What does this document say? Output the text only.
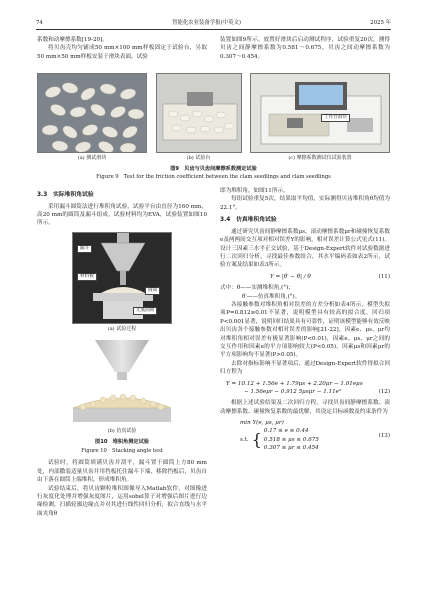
74	智能化农业装备学报(中英文)	2025 年

系数和动摩擦系数[19-20]。

将贝齿壳均匀铺成50 mm×100 mm样板固定于试验台，另取50 mm×50 mm样板安装于滑块表面，试验

装置如图9所示。放置好滑块后启动测试程序，试验重复20次，测得贝齿之间静摩擦系数为0.581～0.675，贝齿之间动摩擦系数为0.307～0.454。

(a) 测试滑块	(b) 试验台
工作台滑块
(c) 摩擦系数测试仪试验装置
图9　贝齿与贝齿间摩擦系数测定试验
Figure 9　Test for the friction coefficient between the clam seedlings and clam seedlings
3.3　实际堆积角试验

采用漏斗圆筒法进行堆积角试验，试验平台由直径为160 mm、高20 mm的圆筒及漏斗组成，试验材料均为EVA，试验装置如图10所示。

漏斗
材料板
圆筒
无底圆筒
(a) 试验过程
(b) 仿真试验
图10　堆积角测定试验
Figure 10　Stacking angle test

试验时，将圆筒填满贝齿并刮平，漏斗置于圆筒上方80 mm处，内部撒装适量贝齿并用挡板托住漏斗下端，移除挡板后，贝齿自由下落在圆筒上端堆积，形成堆积角。

试验结束后，将贝齿颗粒堆积图像导入Matlab软件，对图像进行灰度化处理并增强灰度图片，运用sobel算子对增强后图片进行边缘检测，扫描轮廓边缘点并对其进行线性回归分析，拟合直线与水平面夹角θ

即为堆积角，如图11所示。

每组试验重复5次，结果取平均值，实际测得贝齿堆积角θ均值为22.1°。

3.4　仿真堆积角试验

通过研究贝齿间静摩擦系数μs、滚动摩擦系数μr和碰撞恢复系数e及两两间交互项对相对误差Y的影响，相对误差计算公式见式(11)。设计三因素三水平正交试验，基于Design-Expert软件对试验数据进行二次回归分析，寻找最佳参数组合，其水平编码表如表2所示，试验方案及结果如表3所示。

Y = |θ′ − θ| / θ	(11)

式中：θ——实测堆积角,(°)；

θ′——仿真堆积角,(°)。

各接触参数对堆积角相对误差的方差分析如表4所示，模型失拟项P=0.812≥0.01不显著，说明模型具有较高的拟合度，回归项P<0.001显著，说明回归结果具有可靠性，证明该模型能够有效反映出贝齿各个接触参数对相对误差的影响[21-22]。因素e、μs、μr均对堆积角相对误差有极显著影响(P<0.01)，因素e、μs、μr之间的交互作用和因素e的平方项影响较大(P<0.05)，因素μs和因素μr的平方项影响均不显著(P>0.05)。

去除对指标影响不显著项后，通过Design-Expert软件得拟合回归方程为

Y = 10.12 + 1.56e + 1.79μs + 2.20μr − 1.01eμs
− 1.56eμr − 0.912 5μsμr − 1.11e²	(12)

根据上述试验结果及二次回归方程，寻找贝齿间静摩擦系数、滚动摩擦系数、碰撞恢复系数的最优解，其设定目标函数及约束条件为

min Y(e, μs, μr)
s.t. { 0.17 ≤ e ≤ 0.44
0.518 ≤ μs ≤ 0.675
0.307 ≤ μr ≤ 0.454
(13)
